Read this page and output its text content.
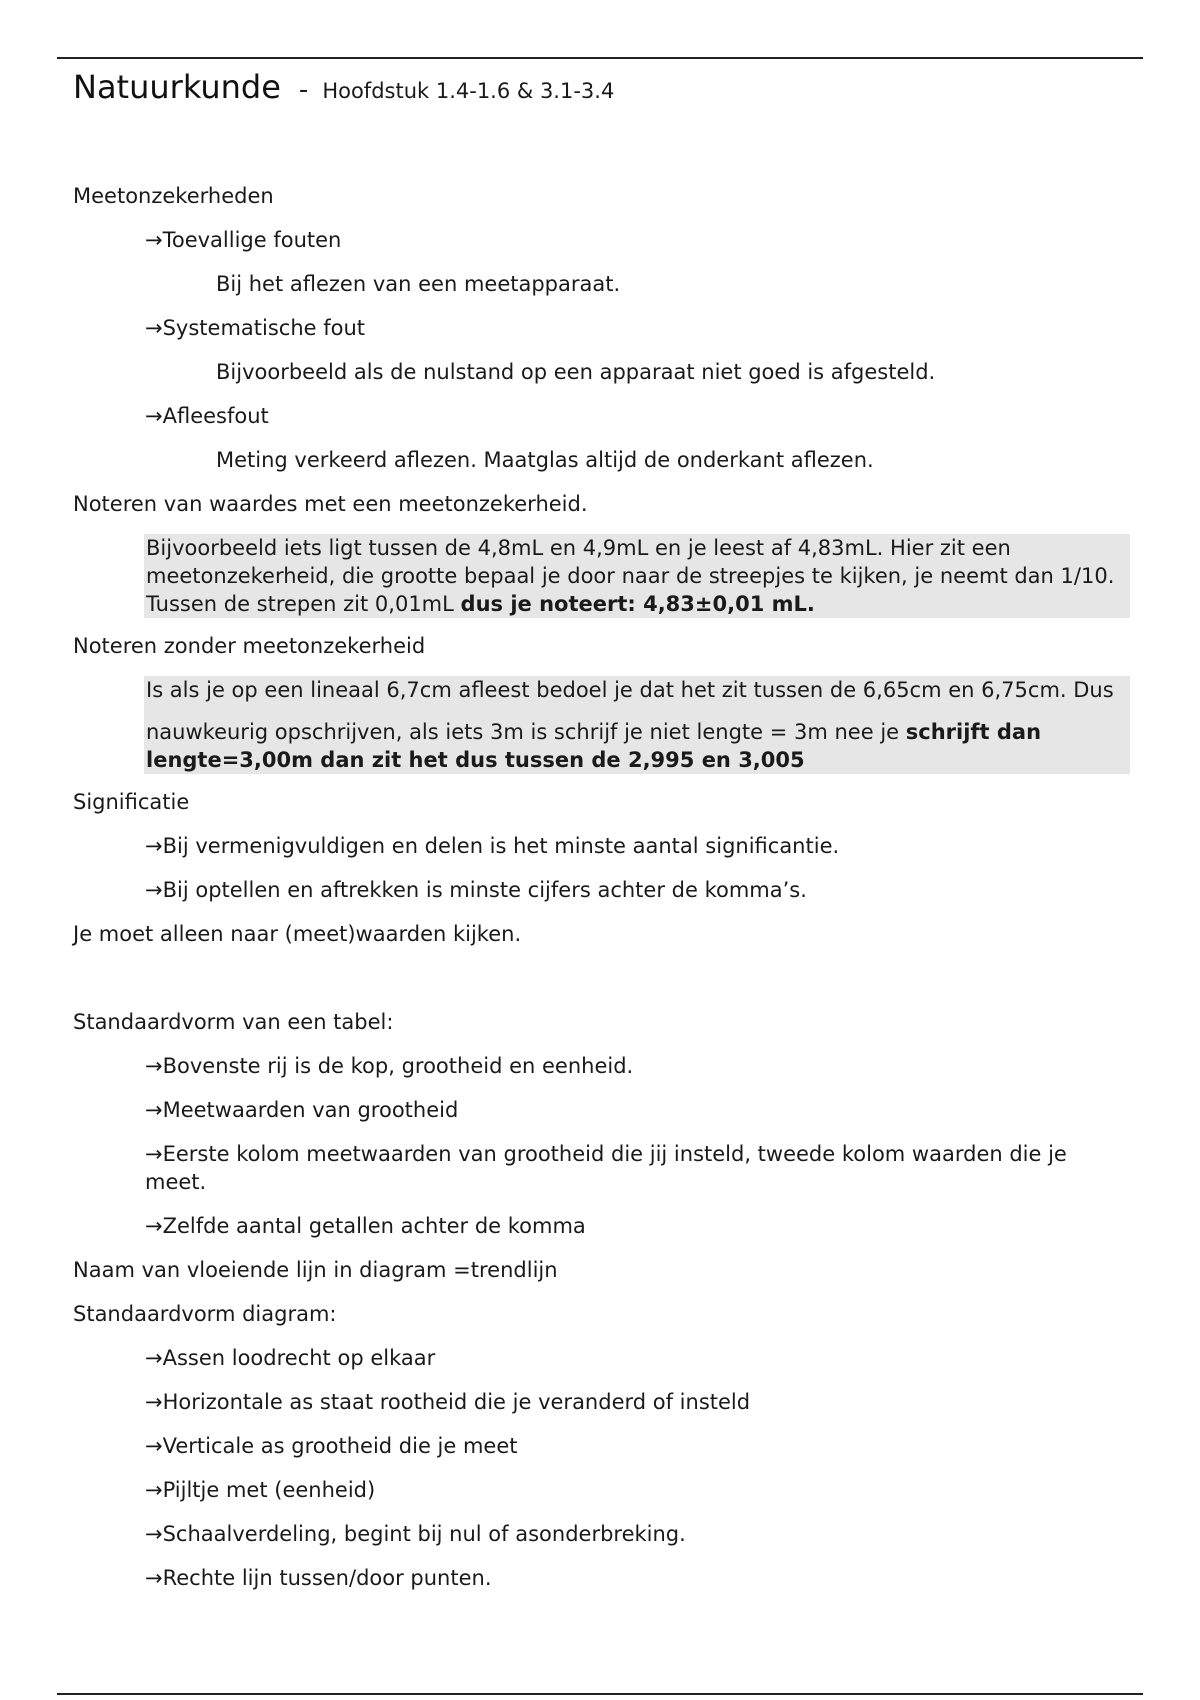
Natuurkunde - Hoofdstuk 1.4-1.6 & 3.1-3.4
Meetonzekerheden
→Toevallige fouten
Bij het aflezen van een meetapparaat.
→Systematische fout
Bijvoorbeeld als de nulstand op een apparaat niet goed is afgesteld.
→Afleesfout
Meting verkeerd aflezen. Maatglas altijd de onderkant aflezen.
Noteren van waardes met een meetonzekerheid.

Bijvoorbeeld iets ligt tussen de 4,8mL en 4,9mL en je leest af 4,83mL. Hier zit een meetonzekerheid, die grootte bepaal je door naar de streepjes te kijken, je neemt dan 1/10. Tussen de strepen zit 0,01mL dus je noteert: 4,83±0,01 mL.

Noteren zonder meetonzekerheid

Is als je op een lineaal 6,7cm afleest bedoel je dat het zit tussen de 6,65cm en 6,75cm. Dus

nauwkeurig opschrijven, als iets 3m is schrijf je niet lengte = 3m nee je schrijft dan lengte=3,00m dan zit het dus tussen de 2,995 en 3,005

Significatie
→Bij vermenigvuldigen en delen is het minste aantal significantie.
→Bij optellen en aftrekken is minste cijfers achter de komma’s.
Je moet alleen naar (meet)waarden kijken.
Standaardvorm van een tabel:
→Bovenste rij is de kop, grootheid en eenheid.
→Meetwaarden van grootheid
→Eerste kolom meetwaarden van grootheid die jij insteld, tweede kolom waarden die je meet.
→Zelfde aantal getallen achter de komma
Naam van vloeiende lijn in diagram =trendlijn
Standaardvorm diagram:
→Assen loodrecht op elkaar
→Horizontale as staat rootheid die je veranderd of insteld
→Verticale as grootheid die je meet
→Pijltje met (eenheid)
→Schaalverdeling, begint bij nul of asonderbreking.
→Rechte lijn tussen/door punten.
